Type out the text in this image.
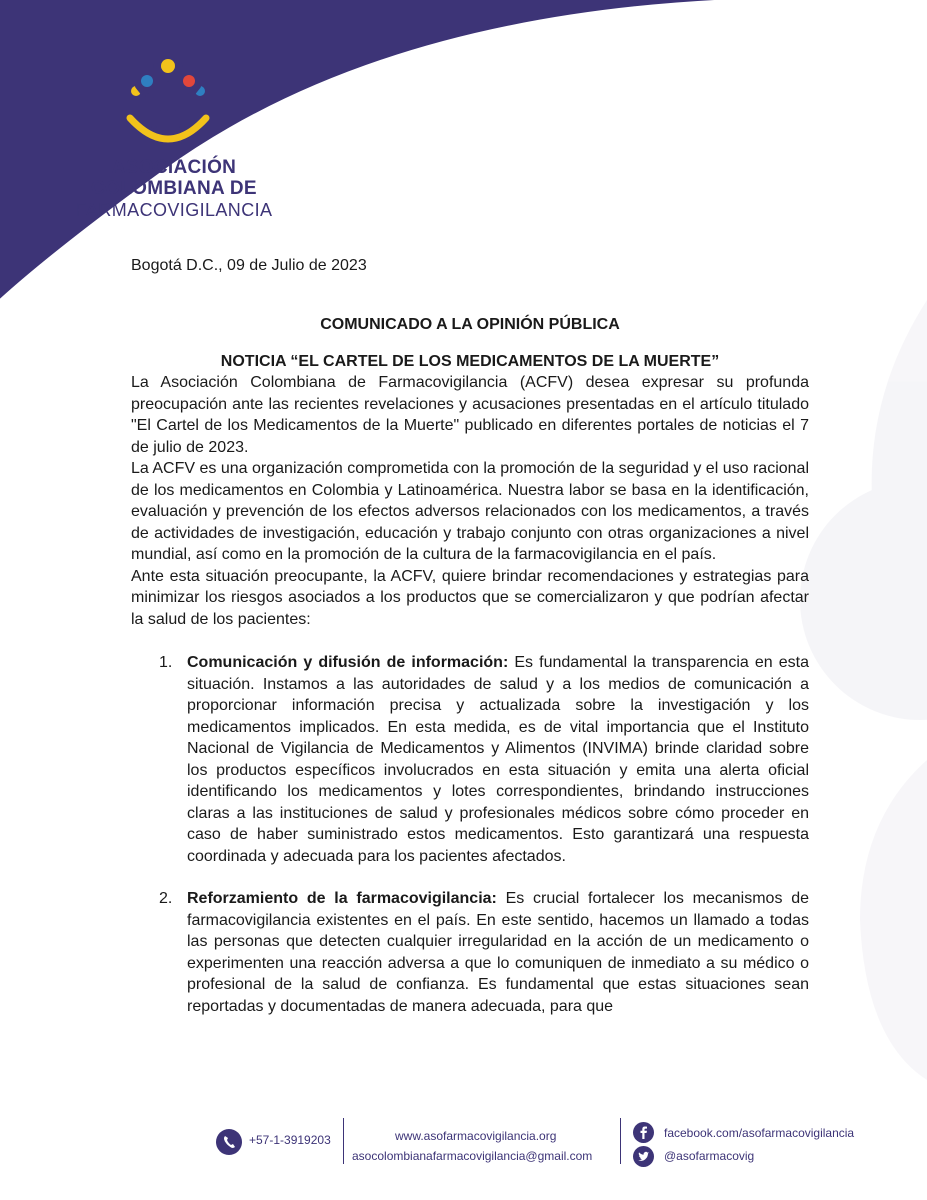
ASOCIACIÓN
COLOMBIANA DE
FARMACOVIGILANCIA

Bogotá D.C., 09 de Julio de 2023

COMUNICADO A LA OPINIÓN PÚBLICA

NOTICIA “EL CARTEL DE LOS MEDICAMENTOS DE LA MUERTE”

La Asociación Colombiana de Farmacovigilancia (ACFV) desea expresar su profunda preocupación ante las recientes revelaciones y acusaciones presentadas en el artículo titulado "El Cartel de los Medicamentos de la Muerte" publicado en diferentes portales de noticias el 7 de julio de 2023.

La ACFV es una organización comprometida con la promoción de la seguridad y el uso racional de los medicamentos en Colombia y Latinoamérica. Nuestra labor se basa en la identificación, evaluación y prevención de los efectos adversos relacionados con los medicamentos, a través de actividades de investigación, educación y trabajo conjunto con otras organizaciones a nivel mundial, así como en la promoción de la cultura de la farmacovigilancia en el país.

Ante esta situación preocupante, la ACFV, quiere brindar recomendaciones y estrategias para minimizar los riesgos asociados a los productos que se comercializaron y que podrían afectar la salud de los pacientes:

1. Comunicación y difusión de información: Es fundamental la transparencia en esta situación. Instamos a las autoridades de salud y a los medios de comunicación a proporcionar información precisa y actualizada sobre la investigación y los medicamentos implicados. En esta medida, es de vital importancia que el Instituto Nacional de Vigilancia de Medicamentos y Alimentos (INVIMA) brinde claridad sobre los productos específicos involucrados en esta situación y emita una alerta oficial identificando los medicamentos y lotes correspondientes, brindando instrucciones claras a las instituciones de salud y profesionales médicos sobre cómo proceder en caso de haber suministrado estos medicamentos. Esto garantizará una respuesta coordinada y adecuada para los pacientes afectados.
2. Reforzamiento de la farmacovigilancia: Es crucial fortalecer los mecanismos de farmacovigilancia existentes en el país. En este sentido, hacemos un llamado a todas las personas que detecten cualquier irregularidad en la acción de un medicamento o experimenten una reacción adversa a que lo comuniquen de inmediato a su médico o profesional de la salud de confianza. Es fundamental que estas situaciones sean reportadas y documentadas de manera adecuada, para que
+57-1-3919203	www.asofarmacovigilancia.org
asocolombianafarmacovigilancia@gmail.com
facebook.com/asofarmacovigilancia
@asofarmacovig
